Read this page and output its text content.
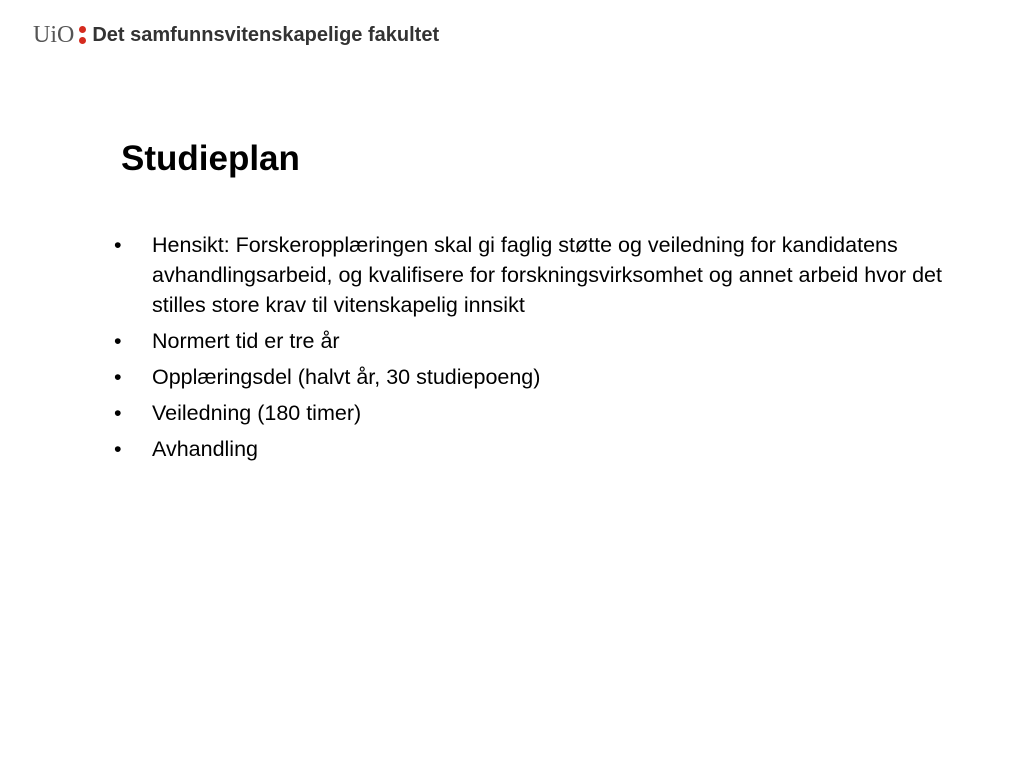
UiO Det samfunnsvitenskapelige fakultet
Studieplan
•	Hensikt: Forskeropplæringen skal gi faglig støtte og veiledning for kandidatens avhandlingsarbeid, og kvalifisere for forskningsvirksomhet og annet arbeid hvor det stilles store krav til vitenskapelig innsikt
•	Normert tid er tre år
•	Opplæringsdel (halvt år, 30 studiepoeng)
•	Veiledning (180 timer)
•	Avhandling
